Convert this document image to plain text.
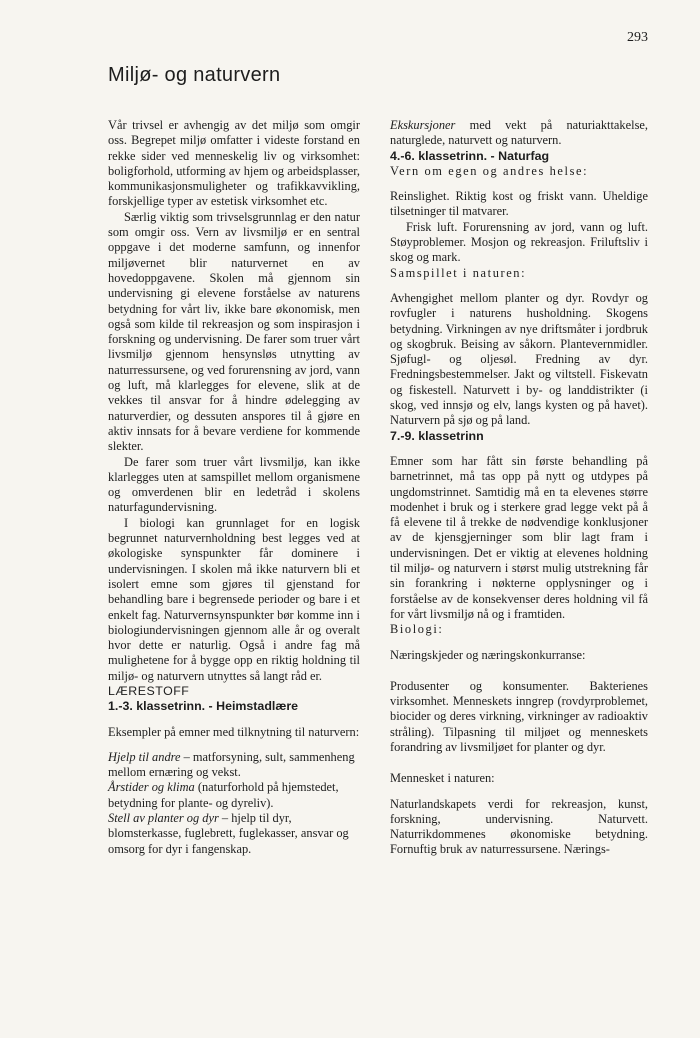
293
Miljø- og naturvern

Vår trivsel er avhengig av det miljø som omgir oss. Begrepet miljø omfatter i videste forstand en rekke sider ved menneskelig liv og virksomhet: boligforhold, utforming av hjem og arbeidsplasser, kommunikasjonsmuligheter og trafikkavvikling, forskjellige typer av estetisk virksomhet etc.

Særlig viktig som trivselsgrunnlag er den natur som omgir oss. Vern av livsmiljø er en sentral oppgave i det moderne samfunn, og innenfor miljøvernet blir naturvernet en av hovedoppgavene. Skolen må gjennom sin undervisning gi elevene forståelse av naturens betydning for vårt liv, ikke bare økonomisk, men også som kilde til rekreasjon og som inspirasjon i forskning og undervisning. De farer som truer vårt livsmiljø gjennom hensynsløs utnytting av naturressursene, og ved forurensning av jord, vann og luft, må klarlegges for elevene, slik at de vekkes til ansvar for å hindre ødelegging av naturverdier, og dessuten anspores til å gjøre en aktiv innsats for å bevare verdiene for kommende slekter.

De farer som truer vårt livsmiljø, kan ikke klarlegges uten at samspillet mellom organismene og omverdenen blir en ledetråd i skolens naturfagundervisning.

I biologi kan grunnlaget for en logisk begrunnet naturvernholdning best legges ved at økologiske synspunkter får dominere i undervisningen. I skolen må ikke naturvern bli et isolert emne som gjøres til gjenstand for behandling bare i begrensede perioder og bare i et enkelt fag. Naturvernsynspunkter bør komme inn i biologiundervisningen gjennom alle år og overalt hvor dette er naturlig. Også i andre fag må mulighetene for å bygge opp en riktig holdning til miljø- og naturvern utnyttes så langt råd er.

LÆRESTOFF

1.-3. klassetrinn. - Heimstadlære

Eksempler på emner med tilknytning til naturvern:

Hjelp til andre – matforsyning, sult, sammenheng mellom ernæring og vekst.

Årstider og klima (naturforhold på hjemstedet, betydning for plante- og dyreliv).

Stell av planter og dyr – hjelp til dyr, blomsterkasse, fuglebrett, fuglekasser, ansvar og omsorg for dyr i fangenskap.

Ekskursjoner med vekt på naturiakttakelse, naturglede, naturvett og naturvern.

4.-6. klassetrinn. - Naturfag

Vern om egen og andres helse:

Reinslighet. Riktig kost og friskt vann. Uheldige tilsetninger til matvarer.

Frisk luft. Forurensning av jord, vann og luft. Støyproblemer. Mosjon og rekreasjon. Friluftsliv i skog og mark.

Samspillet i naturen:

Avhengighet mellom planter og dyr. Rovdyr og rovfugler i naturens husholdning. Skogens betydning. Virkningen av nye driftsmåter i jordbruk og skogbruk. Beising av såkorn. Plantevernmidler. Sjøfugl- og oljesøl. Fredning av dyr. Fredningsbestemmelser. Jakt og viltstell. Fiskevatn og fiskestell. Naturvett i by- og landdistrikter (i skog, ved innsjø og elv, langs kysten og på havet). Naturvern på sjø og på land.

7.-9. klassetrinn

Emner som har fått sin første behandling på barnetrinnet, må tas opp på nytt og utdypes på ungdomstrinnet. Samtidig må en ta elevenes større modenhet i bruk og i sterkere grad legge vekt på å få elevene til å trekke de nødvendige konklusjoner av de kjensgjerninger som blir lagt fram i undervisningen. Det er viktig at elevenes holdning til miljø- og naturvern i størst mulig utstrekning får sin forankring i nøkterne opplysninger og i forståelse av de konsekvenser deres holdning vil få for vårt livsmiljø nå og i framtiden.

Biologi:

Næringskjeder og næringskonkurranse:

Produsenter og konsumenter. Bakterienes virksomhet. Menneskets inngrep (rovdyrproblemet, biocider og deres virkning, virkninger av radioaktiv stråling). Tilpasning til miljøet og menneskets forandring av livsmiljøet for planter og dyr.

Mennesket i naturen:

Naturlandskapets verdi for rekreasjon, kunst, forskning, undervisning. Naturvett. Naturrikdommenes økonomiske betydning. Fornuftig bruk av naturressursene. Nærings-
